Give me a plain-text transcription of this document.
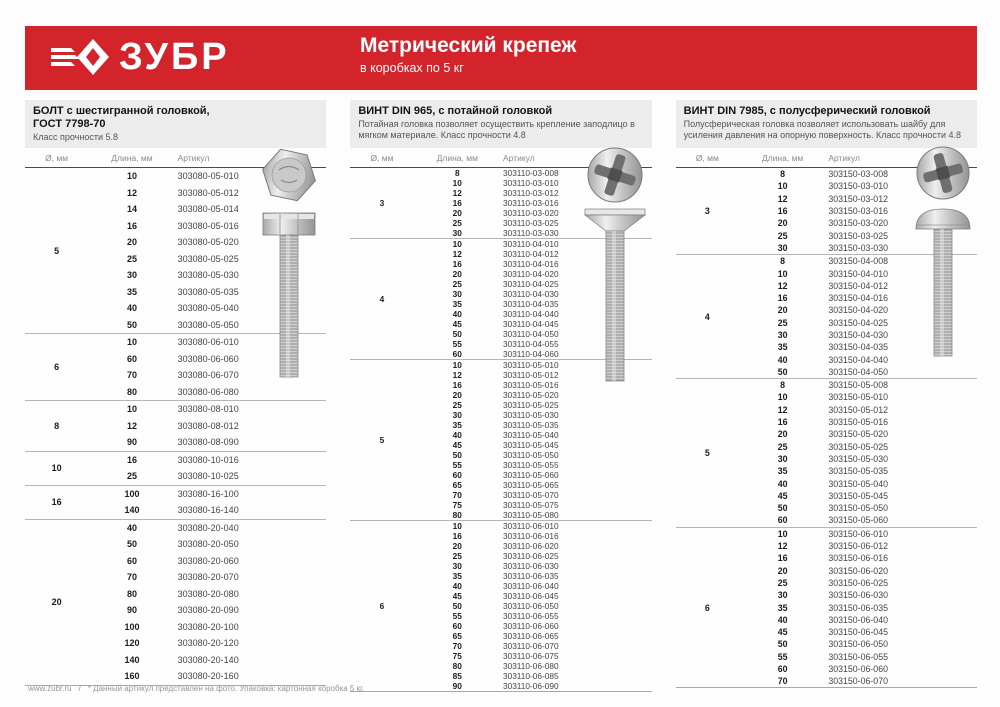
ЗУБР	Метрический крепеж
в коробках по 5 кг
БОЛТ с шестигранной головкой,
ГОСТ 7798-70
Класс прочности 5.8
Ø, мм	Длина, мм	Артикул
5	10	303080-05-010
	12	303080-05-012
	14	303080-05-014
	16	303080-05-016
	20	303080-05-020
	25	303080-05-025
	30	303080-05-030
	35	303080-05-035
	40	303080-05-040
	50	303080-05-050
6	10	303080-06-010
	60	303080-06-060
	70	303080-06-070
	80	303080-06-080
8	10	303080-08-010
	12	303080-08-012
	90	303080-08-090
10	16	303080-10-016
	25	303080-10-025
16	100	303080-16-100
	140	303080-16-140
20	40	303080-20-040
	50	303080-20-050
	60	303080-20-060
	70	303080-20-070
	80	303080-20-080
	90	303080-20-090
	100	303080-20-100
	120	303080-20-120
	140	303080-20-140
	160	303080-20-160
ВИНТ DIN 965, с потайной головкой
Потайная головка позволяет осуществить крепление заподлицо в мягком материале. Класс прочности 4.8
Ø, мм	Длина, мм	Артикул
3	8	303110-03-008
	10	303110-03-010
	12	303110-03-012
	16	303110-03-016
	20	303110-03-020
	25	303110-03-025
	30	303110-03-030
4	10	303110-04-010
	12	303110-04-012
	16	303110-04-016
	20	303110-04-020
	25	303110-04-025
	30	303110-04-030
	35	303110-04-035
	40	303110-04-040
	45	303110-04-045
	50	303110-04-050
	55	303110-04-055
	60	303110-04-060
5	10	303110-05-010
	12	303110-05-012
	16	303110-05-016
	20	303110-05-020
	25	303110-05-025
	30	303110-05-030
	35	303110-05-035
	40	303110-05-040
	45	303110-05-045
	50	303110-05-050
	55	303110-05-055
	60	303110-05-060
	65	303110-05-065
	70	303110-05-070
	75	303110-05-075
	80	303110-05-080
6	10	303110-06-010
	16	303110-06-016
	20	303110-06-020
	25	303110-06-025
	30	303110-06-030
	35	303110-06-035
	40	303110-06-040
	45	303110-06-045
	50	303110-06-050
	55	303110-06-055
	60	303110-06-060
	65	303110-06-065
	70	303110-06-070
	75	303110-06-075
	80	303110-06-080
	85	303110-06-085
	90	303110-06-090
ВИНТ DIN 7985, с полусферический головкой
Полусферическая головка позволяет использовать шайбу для усиления давления на опорную поверхность. Класс прочности 4.8
Ø, мм	Длина, мм	Артикул
3	8	303150-03-008
	10	303150-03-010
	12	303150-03-012
	16	303150-03-016
	20	303150-03-020
	25	303150-03-025
	30	303150-03-030
4	8	303150-04-008
	10	303150-04-010
	12	303150-04-012
	16	303150-04-016
	20	303150-04-020
	25	303150-04-025
	30	303150-04-030
	35	303150-04-035
	40	303150-04-040
	50	303150-04-050
5	8	303150-05-008
	10	303150-05-010
	12	303150-05-012
	16	303150-05-016
	20	303150-05-020
	25	303150-05-025
	30	303150-05-030
	35	303150-05-035
	40	303150-05-040
	45	303150-05-045
	50	303150-05-050
	60	303150-05-060
6	10	303150-06-010
	12	303150-06-012
	16	303150-06-016
	20	303150-06-020
	25	303150-06-025
	30	303150-06-030
	35	303150-06-035
	40	303150-06-040
	45	303150-06-045
	50	303150-06-050
	55	303150-06-055
	60	303150-06-060
	70	303150-06-070
www.zubr.ru / * Данный артикул представлен на фото. Упаковка: картонная коробка 5 кг.
